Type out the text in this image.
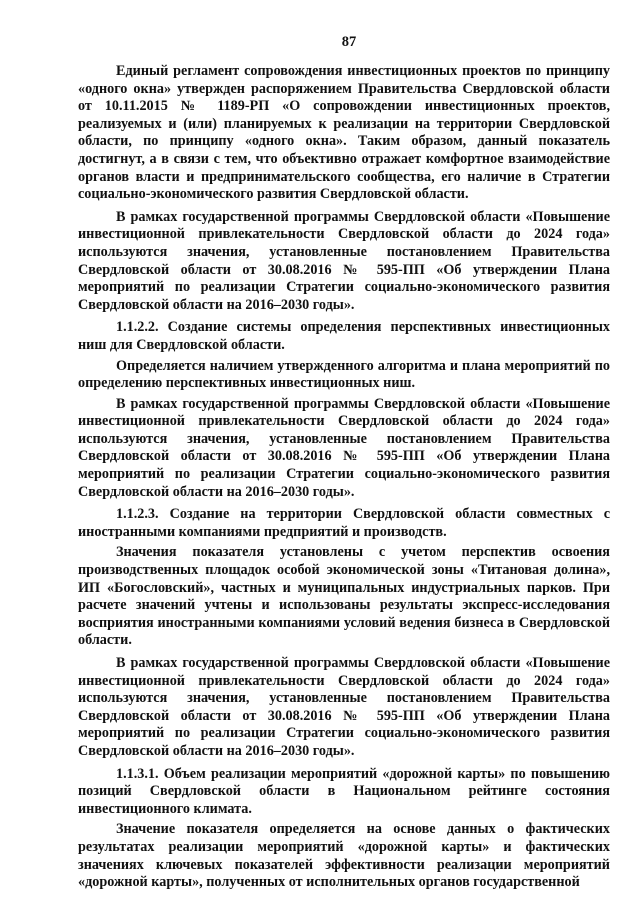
87

Единый регламент сопровождения инвестиционных проектов по принципу «одного окна» утвержден распоряжением Правительства Свердловской области от 10.11.2015 № 1189-РП «О сопровождении инвестиционных проектов, реализуемых и (или) планируемых к реализации на территории Свердловской области, по принципу «одного окна». Таким образом, данный показатель достигнут, а в связи с тем, что объективно отражает комфортное взаимодействие органов власти и предпринимательского сообщества, его наличие в Стратегии социально-экономического развития Свердловской области.

В рамках государственной программы Свердловской области «Повышение инвестиционной привлекательности Свердловской области до 2024 года» используются значения, установленные постановлением Правительства Свердловской области от 30.08.2016 № 595-ПП «Об утверждении Плана мероприятий по реализации Стратегии социально-экономического развития Свердловской области на 2016–2030 годы».

1.1.2.2. Создание системы определения перспективных инвестиционных ниш для Свердловской области.

Определяется наличием утвержденного алгоритма и плана мероприятий по определению перспективных инвестиционных ниш.

В рамках государственной программы Свердловской области «Повышение инвестиционной привлекательности Свердловской области до 2024 года» используются значения, установленные постановлением Правительства Свердловской области от 30.08.2016 № 595-ПП «Об утверждении Плана мероприятий по реализации Стратегии социально-экономического развития Свердловской области на 2016–2030 годы».

1.1.2.3. Создание на территории Свердловской области совместных с иностранными компаниями предприятий и производств.

Значения показателя установлены с учетом перспектив освоения производственных площадок особой экономической зоны «Титановая долина», ИП «Богословский», частных и муниципальных индустриальных парков. При расчете значений учтены и использованы результаты экспресс-исследования восприятия иностранными компаниями условий ведения бизнеса в Свердловской области.

В рамках государственной программы Свердловской области «Повышение инвестиционной привлекательности Свердловской области до 2024 года» используются значения, установленные постановлением Правительства Свердловской области от 30.08.2016 № 595-ПП «Об утверждении Плана мероприятий по реализации Стратегии социально-экономического развития Свердловской области на 2016–2030 годы».

1.1.3.1. Объем реализации мероприятий «дорожной карты» по повышению позиций Свердловской области в Национальном рейтинге состояния инвестиционного климата.

Значение показателя определяется на основе данных о фактических результатах реализации мероприятий «дорожной карты» и фактических значениях ключевых показателей эффективности реализации мероприятий «дорожной карты», полученных от исполнительных органов государственной
